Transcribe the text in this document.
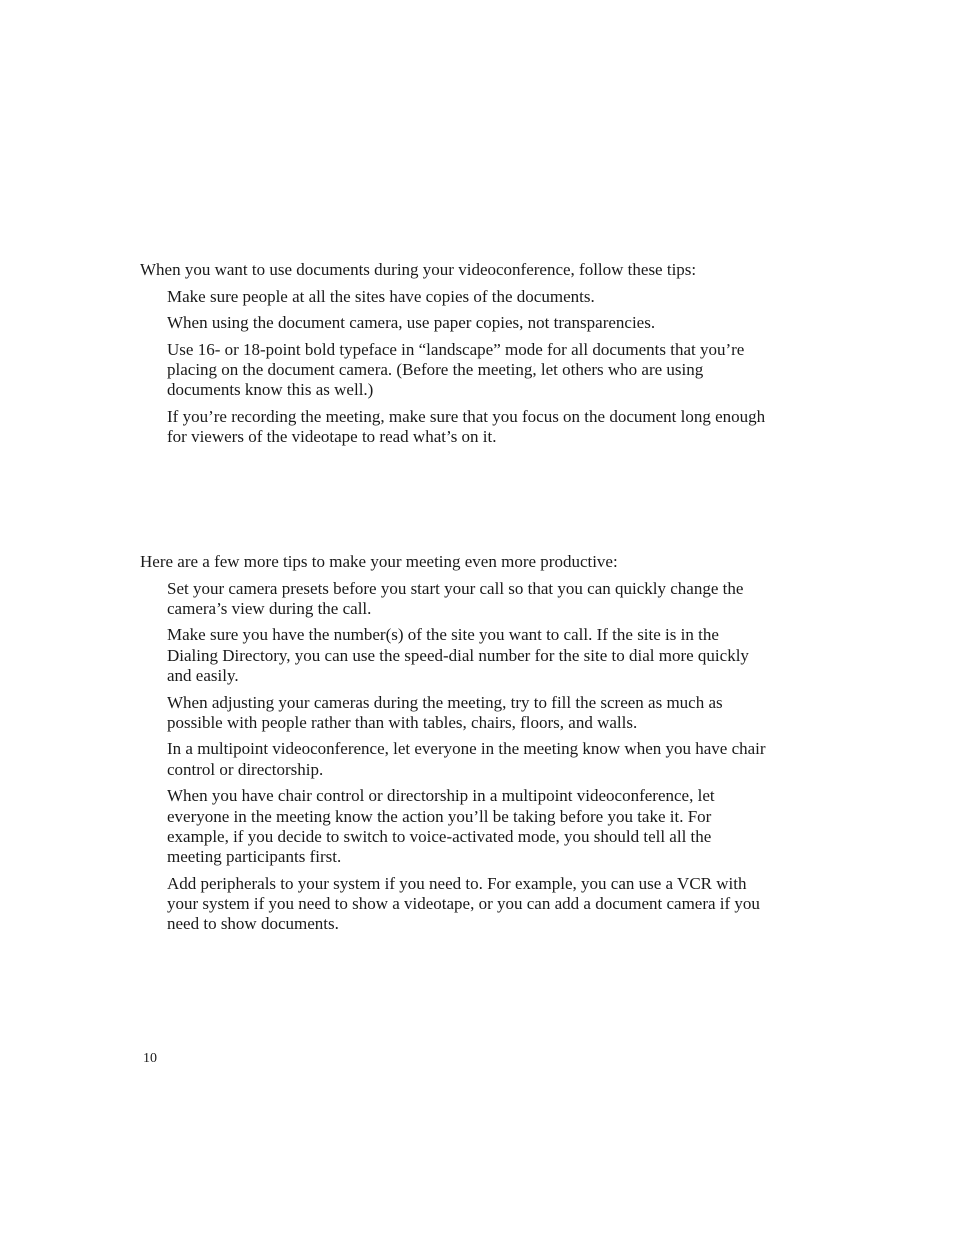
When you want to use documents during your videoconference, follow these tips:

Make sure people at all the sites have copies of the documents.
When using the document camera, use paper copies, not transparencies.
Use 16- or 18-point bold typeface in “landscape” mode for all documents that you’re placing on the document camera. (Before the meeting, let others who are using documents know this as well.)
If you’re recording the meeting, make sure that you focus on the document long enough for viewers of the videotape to read what’s on it.

Here are a few more tips to make your meeting even more productive:

Set your camera presets before you start your call so that you can quickly change the camera’s view during the call.
Make sure you have the number(s) of the site you want to call. If the site is in the Dialing Directory, you can use the speed-dial number for the site to dial more quickly and easily.
When adjusting your cameras during the meeting, try to fill the screen as much as possible with people rather than with tables, chairs, floors, and walls.
In a multipoint videoconference, let everyone in the meeting know when you have chair control or directorship.
When you have chair control or directorship in a multipoint videoconference, let everyone in the meeting know the action you’ll be taking before you take it. For example, if you decide to switch to voice-activated mode, you should tell all the meeting participants first.
Add peripherals to your system if you need to. For example, you can use a VCR with your system if you need to show a videotape, or you can add a document camera if you need to show documents.

10
